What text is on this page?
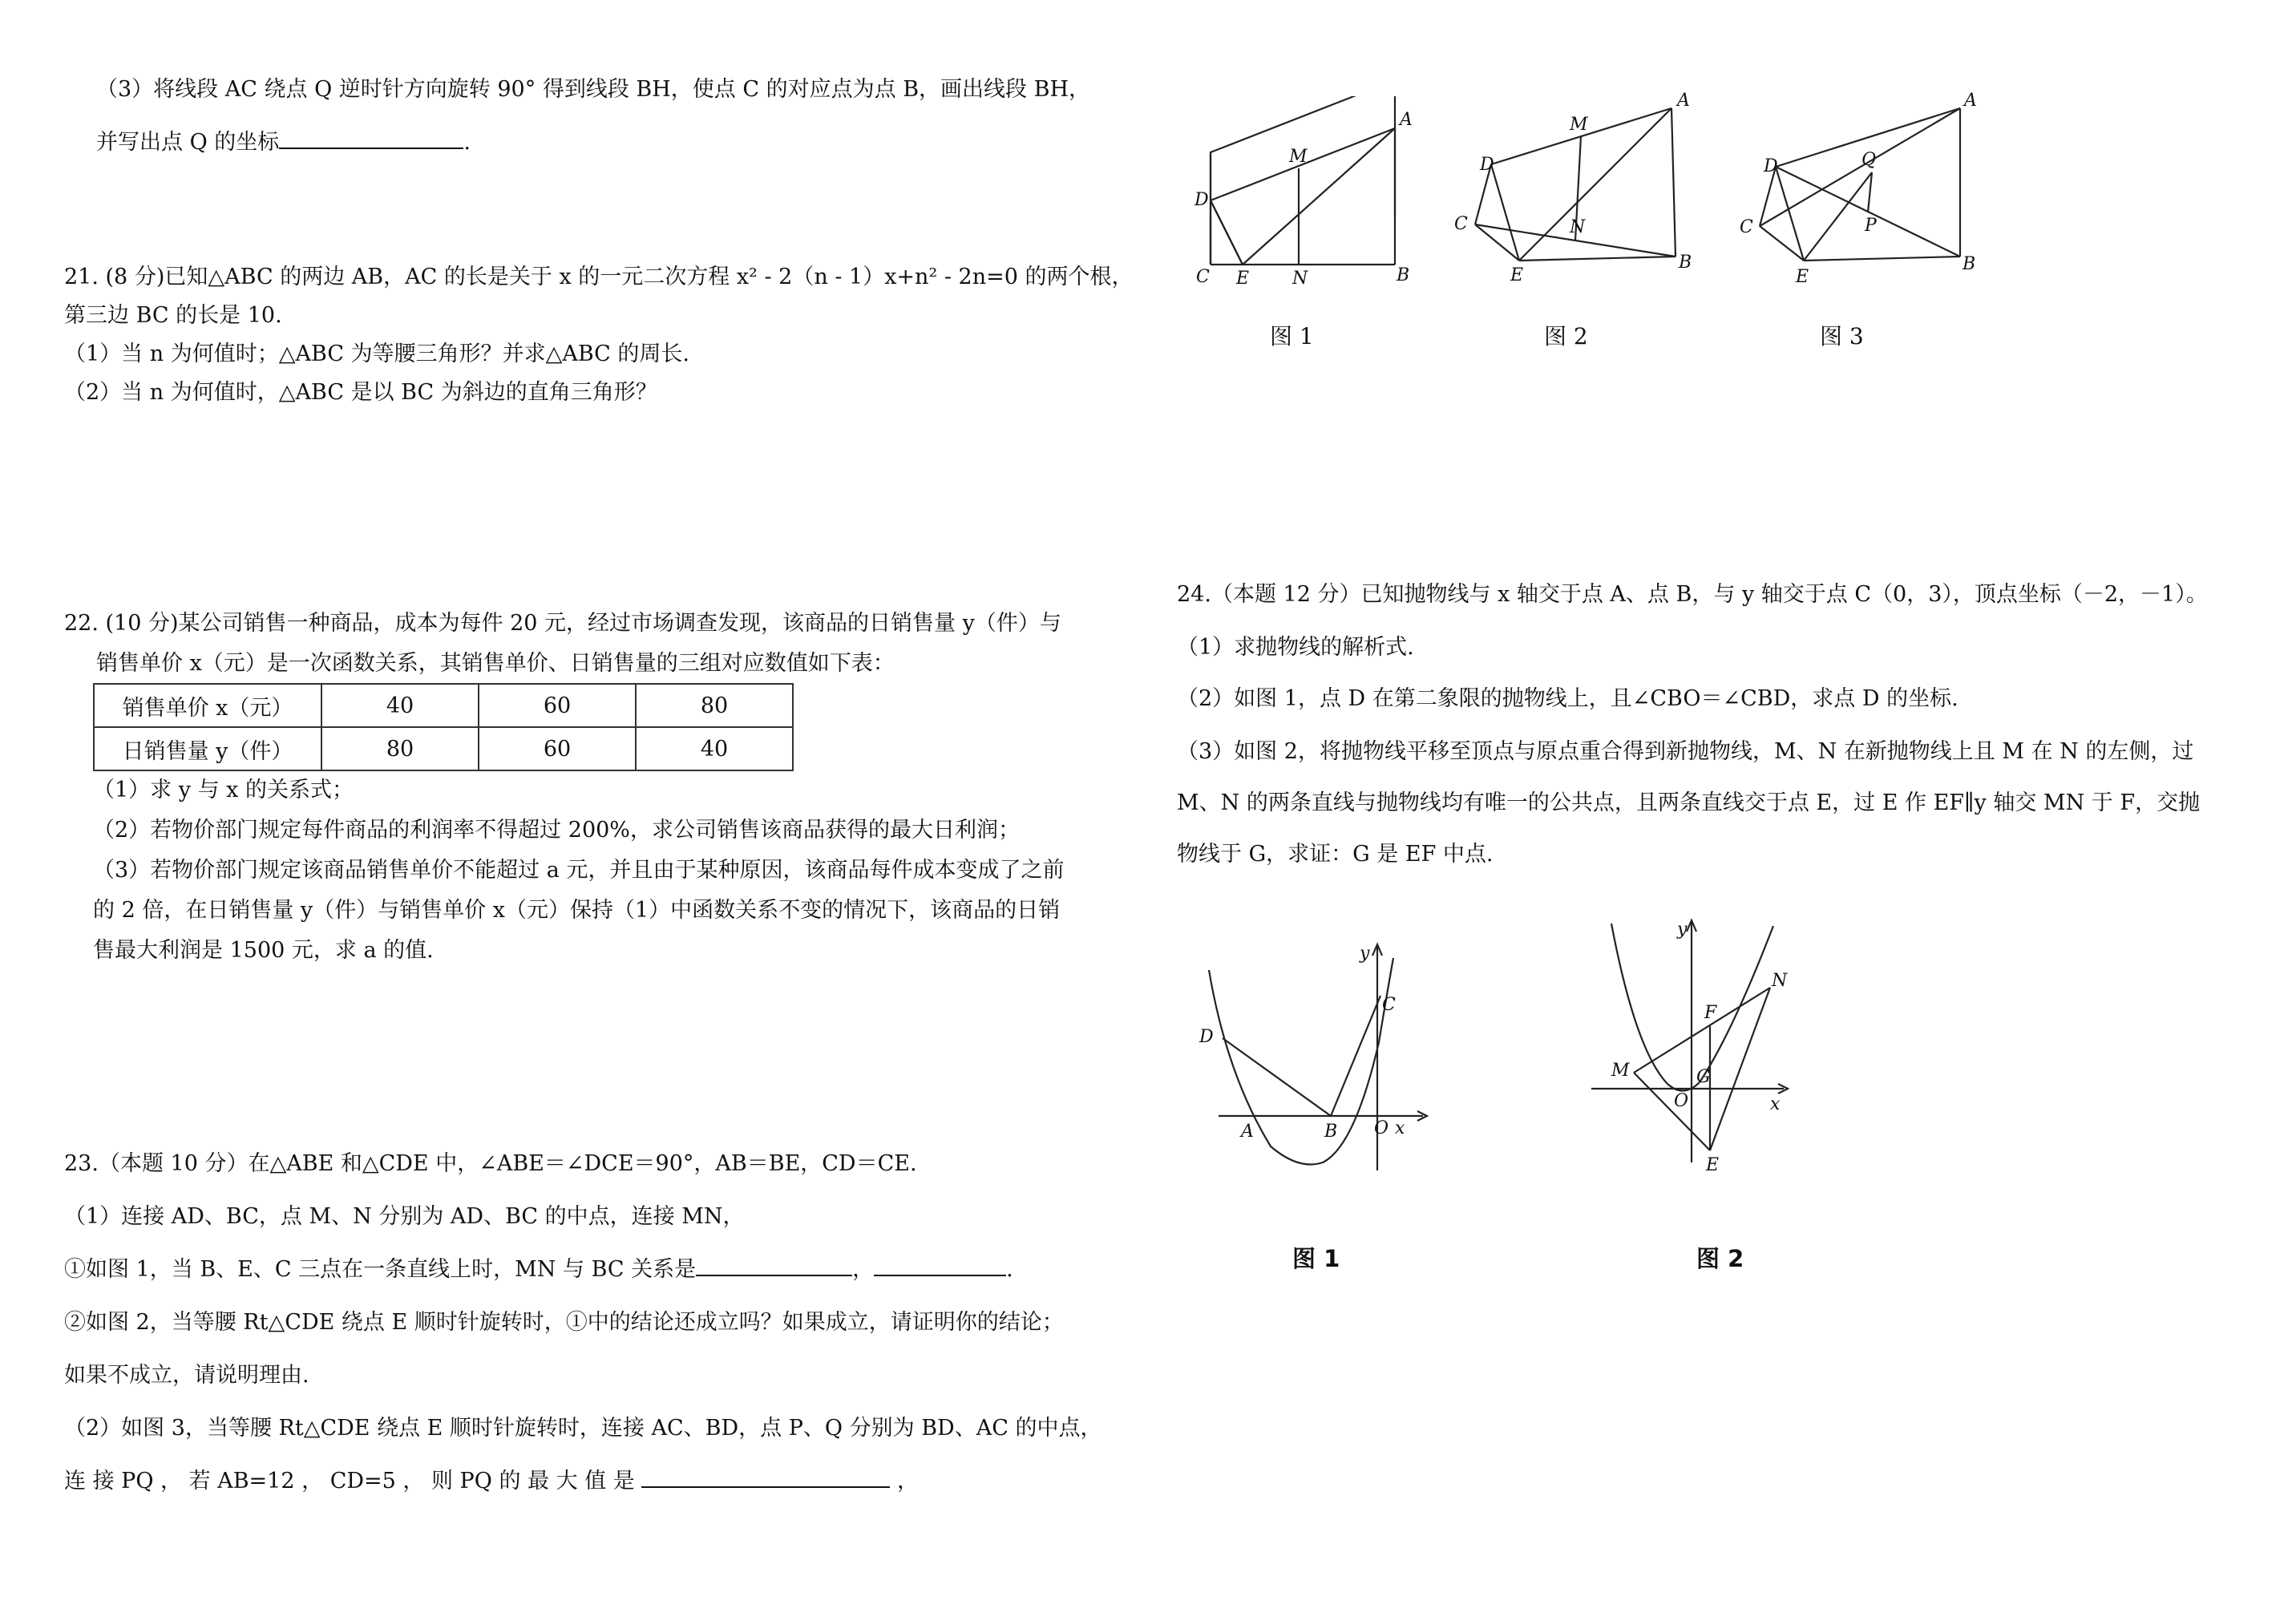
（3）将线段 AC 绕点 Q 逆时针方向旋转 90° 得到线段 BH，使点 C 的对应点为点 B，画出线段 BH，
并写出点 Q 的坐标	.
21. (8 分)已知△ABC 的两边 AB，AC 的长是关于 x 的一元二次方程 x² - 2（n - 1）x+n² - 2n=0 的两个根，
第三边 BC 的长是 10.
（1）当 n 为何值时；△ABC 为等腰三角形？并求△ABC 的周长.
（2）当 n 为何值时，△ABC 是以 BC 为斜边的直角三角形？
22. (10 分)某公司销售一种商品，成本为每件 20 元，经过市场调查发现，该商品的日销售量 y（件）与
销售单价 x（元）是一次函数关系，其销售单价、日销售量的三组对应数值如下表：
销售单价 x（元）	40	60	80
日销售量 y（件）	80	60	40
（1）求 y 与 x 的关系式；
（2）若物价部门规定每件商品的利润率不得超过 200%，求公司销售该商品获得的最大日利润；
（3）若物价部门规定该商品销售单价不能超过 a 元，并且由于某种原因，该商品每件成本变成了之前
的 2 倍，在日销售量 y（件）与销售单价 x（元）保持（1）中函数关系不变的情况下，该商品的日销
售最大利润是 1500 元，求 a 的值.
23.（本题 10 分）在△ABE 和△CDE 中，∠ABE＝∠DCE＝90°，AB＝BE，CD＝CE.
（1）连接 AD、BC，点 M、N 分别为 AD、BC 的中点，连接 MN，
①如图 1，当 B、E、C 三点在一条直线上时，MN 与 BC 关系是	，	.
②如图 2，当等腰 Rt△CDE 绕点 E 顺时针旋转时，①中的结论还成立吗？如果成立，请证明你的结论；
如果不成立，请说明理由.
（2）如图 3，当等腰 Rt△CDE 绕点 E 顺时针旋转时，连接 AC、BD，点 P、Q 分别为 BD、AC 的中点，
连 接 PQ ， 若 AB=12 ， CD=5 ， 则 PQ 的 最 大 值 是	，
A
M
D
C E N	B
图 1
A
M
D
C	N
E
B
图 2
A
Q
D
C	P
E
B
图 3
24.（本题 12 分）已知抛物线与 x 轴交于点 A、点 B，与 y 轴交于点 C（0，3），顶点坐标（－2，－1）。
（1）求抛物线的解析式.
（2）如图 1，点 D 在第二象限的抛物线上，且∠CBO＝∠CBD，求点 D 的坐标.
（3）如图 2，将抛物线平移至顶点与原点重合得到新抛物线，M、N 在新抛物线上且 M 在 N 的左侧，过
M、N 的两条直线与抛物线均有唯一的公共点，且两条直线交于点 E，过 E 作 EF∥y 轴交 MN 于 F，交抛
物线于 G，求证：G 是 EF 中点.
y
C
D
A	B O x
图 1
y
N
F
M	G
O	x
E
图 2
